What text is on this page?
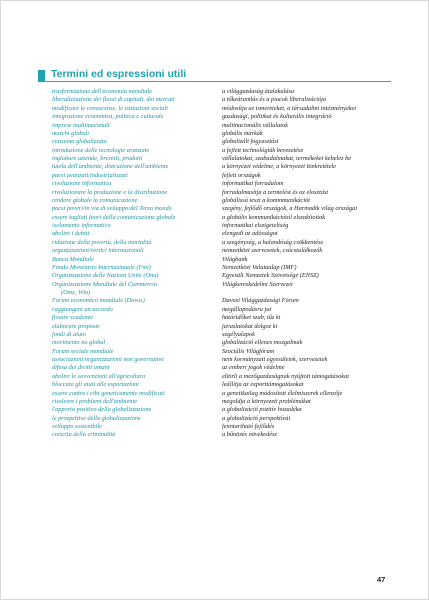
Termini ed espressioni utili
trasformazione dell'economia mondiale
liberalizzazione dei flussi di capitali, dei mercati
modificare le conoscenze, le istituzioni sociali
integrazione economica, politica e culturale
imprese multinazionali
marchi globali
consumo globalizzato
introduzione delle tecnologie avanzate
inglobare aziende, brevetti, prodotti
tutela dell'ambiente, distruzione dell'ambiente
paesi avanzati/industrializzati
rivoluzione informatica
rivoluzionare la produzione e la distribuzione
rendere globale la comunicazione
paesi poveri/in via di sviluppo/del Terzo mondo
essere tagliati fuori dalla comunicazione globale
isolamento informatico
abolire i debiti
riduzione della povertà, della mortalità
organizzazioni/vertici internazionali
Banca Mondiale
Fondo Monetario Internazionale (Fmi)
Organizzazione delle Nazioni Unite (Onu)
Organizzazione Mondiale del Commercio
(Omc, Wto)
Forum economico mondiale (Davos)
raggiungere un accordo
fissare scadenze
elaborare proposte
fondi di aiuto
movimento no global
Forum sociale mondiale
associazioni/organizzazioni non governative
difesa dei diritti umani
abolire le sovvenzioni all'agricoltura
bloccare gli aiuti alle esportazioni
essere contro i cibi geneticamente modificati
risolvere i problemi dell'ambiente
l'apporto positivo della globalizzazione
le prospettive della globalizzazione
sviluppo sostenibile
crescita della criminalità
a világgazdaság átalakulása
a tőkeáramlás és a piacok liberalizációja
módosítja az ismereteket, a társadalmi intézményeket
gazdasági, politikai és kulturális integráció
multinacionális vállalatok
globális márkák
globalizált fogyasztási
a fejlett technológiák bevezetése
vállalatokat, szabadalmakat, termékeket kebelez be
a környezet védelme, a környezet tönkretétele
fejlett országok
informatikai forradalom
forradalmasítja a termelést és az elosztást
globálissá teszi a kommmunikációt
szegény, fejlődő országok, a Harmadik világ országai
a globális kommunikációtól elszakítottak
informatikai elszigeteltség
elengedi az adósságot
a szegénység, a halandóság csökkentése
nemzetközi szervezetek, csúcstalálkozók
Világbank
Nemzetközi Valutaalap (IMF)
Egyesült Nemzetek Szövetsége (ENSZ)
Világkereskedelmi Szervezet
Davosi Világgazdasági Fórum
megállapodásra jut
határidőket szab, tűz ki
javaslatokat dolgoz ki
segélyalapok
globalizáció ellenes mozgalmak
Szociális Világfórum
nem kormányzati egyesületek, szervezetek
az emberi jogok védelme
eltörli a mezőgazdaságnak nyújtott támogatásokat
leállítja az exporttámogatásokat
a genetikailag módosított élelmiszerek ellenzője
megoldja a környezeti problémákat
a globalizáció pozitív hozadéka
a globalizáció perspektívái
fenntartható fejlődés
a bűnözés növekedése
47
